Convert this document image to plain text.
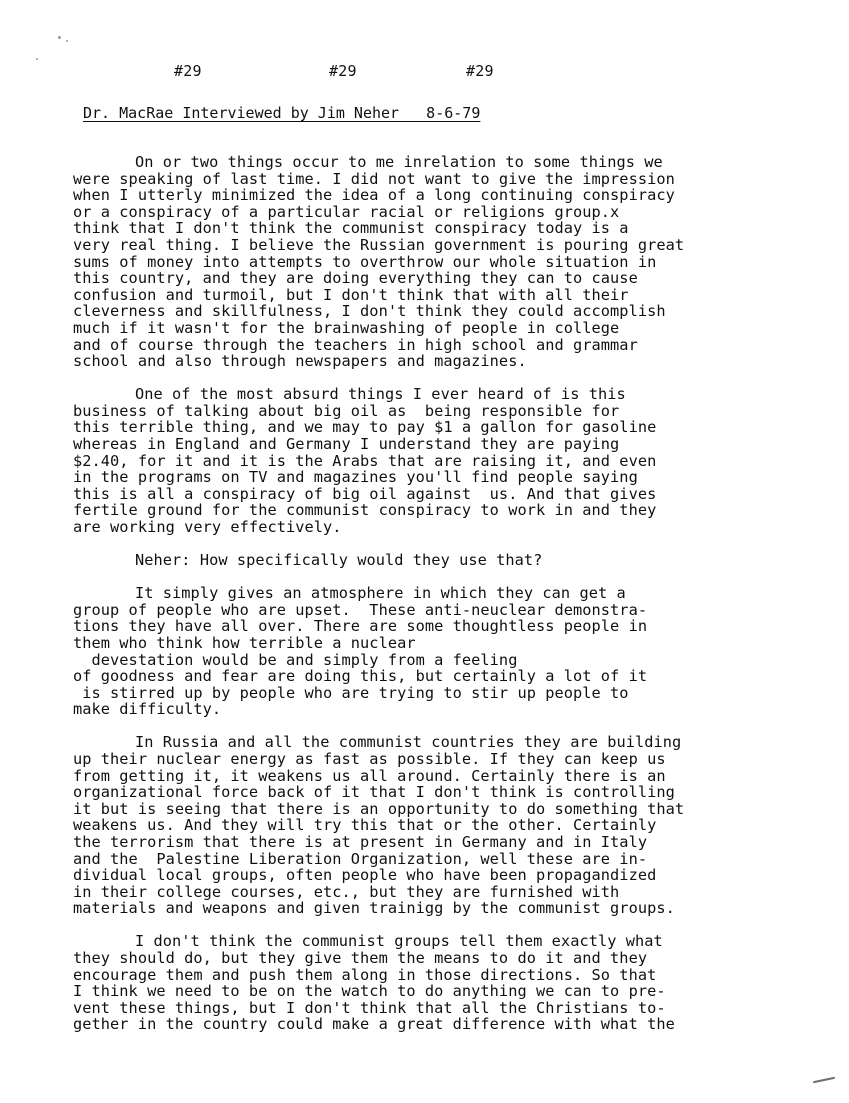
#29	#29	#29
Dr. MacRae Interviewed by Jim Neher   8-6-79
On or two things occur to me inrelation to some things we
were speaking of last time. I did not want to give the impression
when I utterly minimized the idea of a long continuing conspiracy
or a conspiracy of a particular racial or religions group.x
think that I don't think the communist conspiracy today is a
very real thing. I believe the Russian government is pouring great
sums of money into attempts to overthrow our whole situation in
this country, and they are doing everything they can to cause
confusion and turmoil, but I don't think that with all their
cleverness and skillfulness, I don't think they could accomplish
much if it wasn't for the brainwashing of people in college
and of course through the teachers in high school and grammar
school and also through newspapers and magazines.
One of the most absurd things I ever heard of is this
business of talking about big oil as  being responsible for
this terrible thing, and we may to pay $1 a gallon for gasoline
whereas in England and Germany I understand they are paying
$2.40, for it and it is the Arabs that are raising it, and even
in the programs on TV and magazines you'll find people saying
this is all a conspiracy of big oil against  us. And that gives
fertile ground for the communist conspiracy to work in and they
are working very effectively.
Neher: How specifically would they use that?
It simply gives an atmosphere in which they can get a
group of people who are upset.  These anti-neuclear demonstra-
tions they have all over. There are some thoughtless people in
them who think how terrible a nuclear
devestation would be and simply from a feeling
of goodness and fear are doing this, but certainly a lot of it
is stirred up by people who are trying to stir up people to
make difficulty.
In Russia and all the communist countries they are building
up their nuclear energy as fast as possible. If they can keep us
from getting it, it weakens us all around. Certainly there is an
organizational force back of it that I don't think is controlling
it but is seeing that there is an opportunity to do something that
weakens us. And they will try this that or the other. Certainly
the terrorism that there is at present in Germany and in Italy
and the  Palestine Liberation Organization, well these are in-
dividual local groups, often people who have been propagandized
in their college courses, etc., but they are furnished with
materials and weapons and given trainigg by the communist groups.
I don't think the communist groups tell them exactly what
they should do, but they give them the means to do it and they
encourage them and push them along in those directions. So that
I think we need to be on the watch to do anything we can to pre-
vent these things, but I don't think that all the Christians to-
gether in the country could make a great difference with what the
